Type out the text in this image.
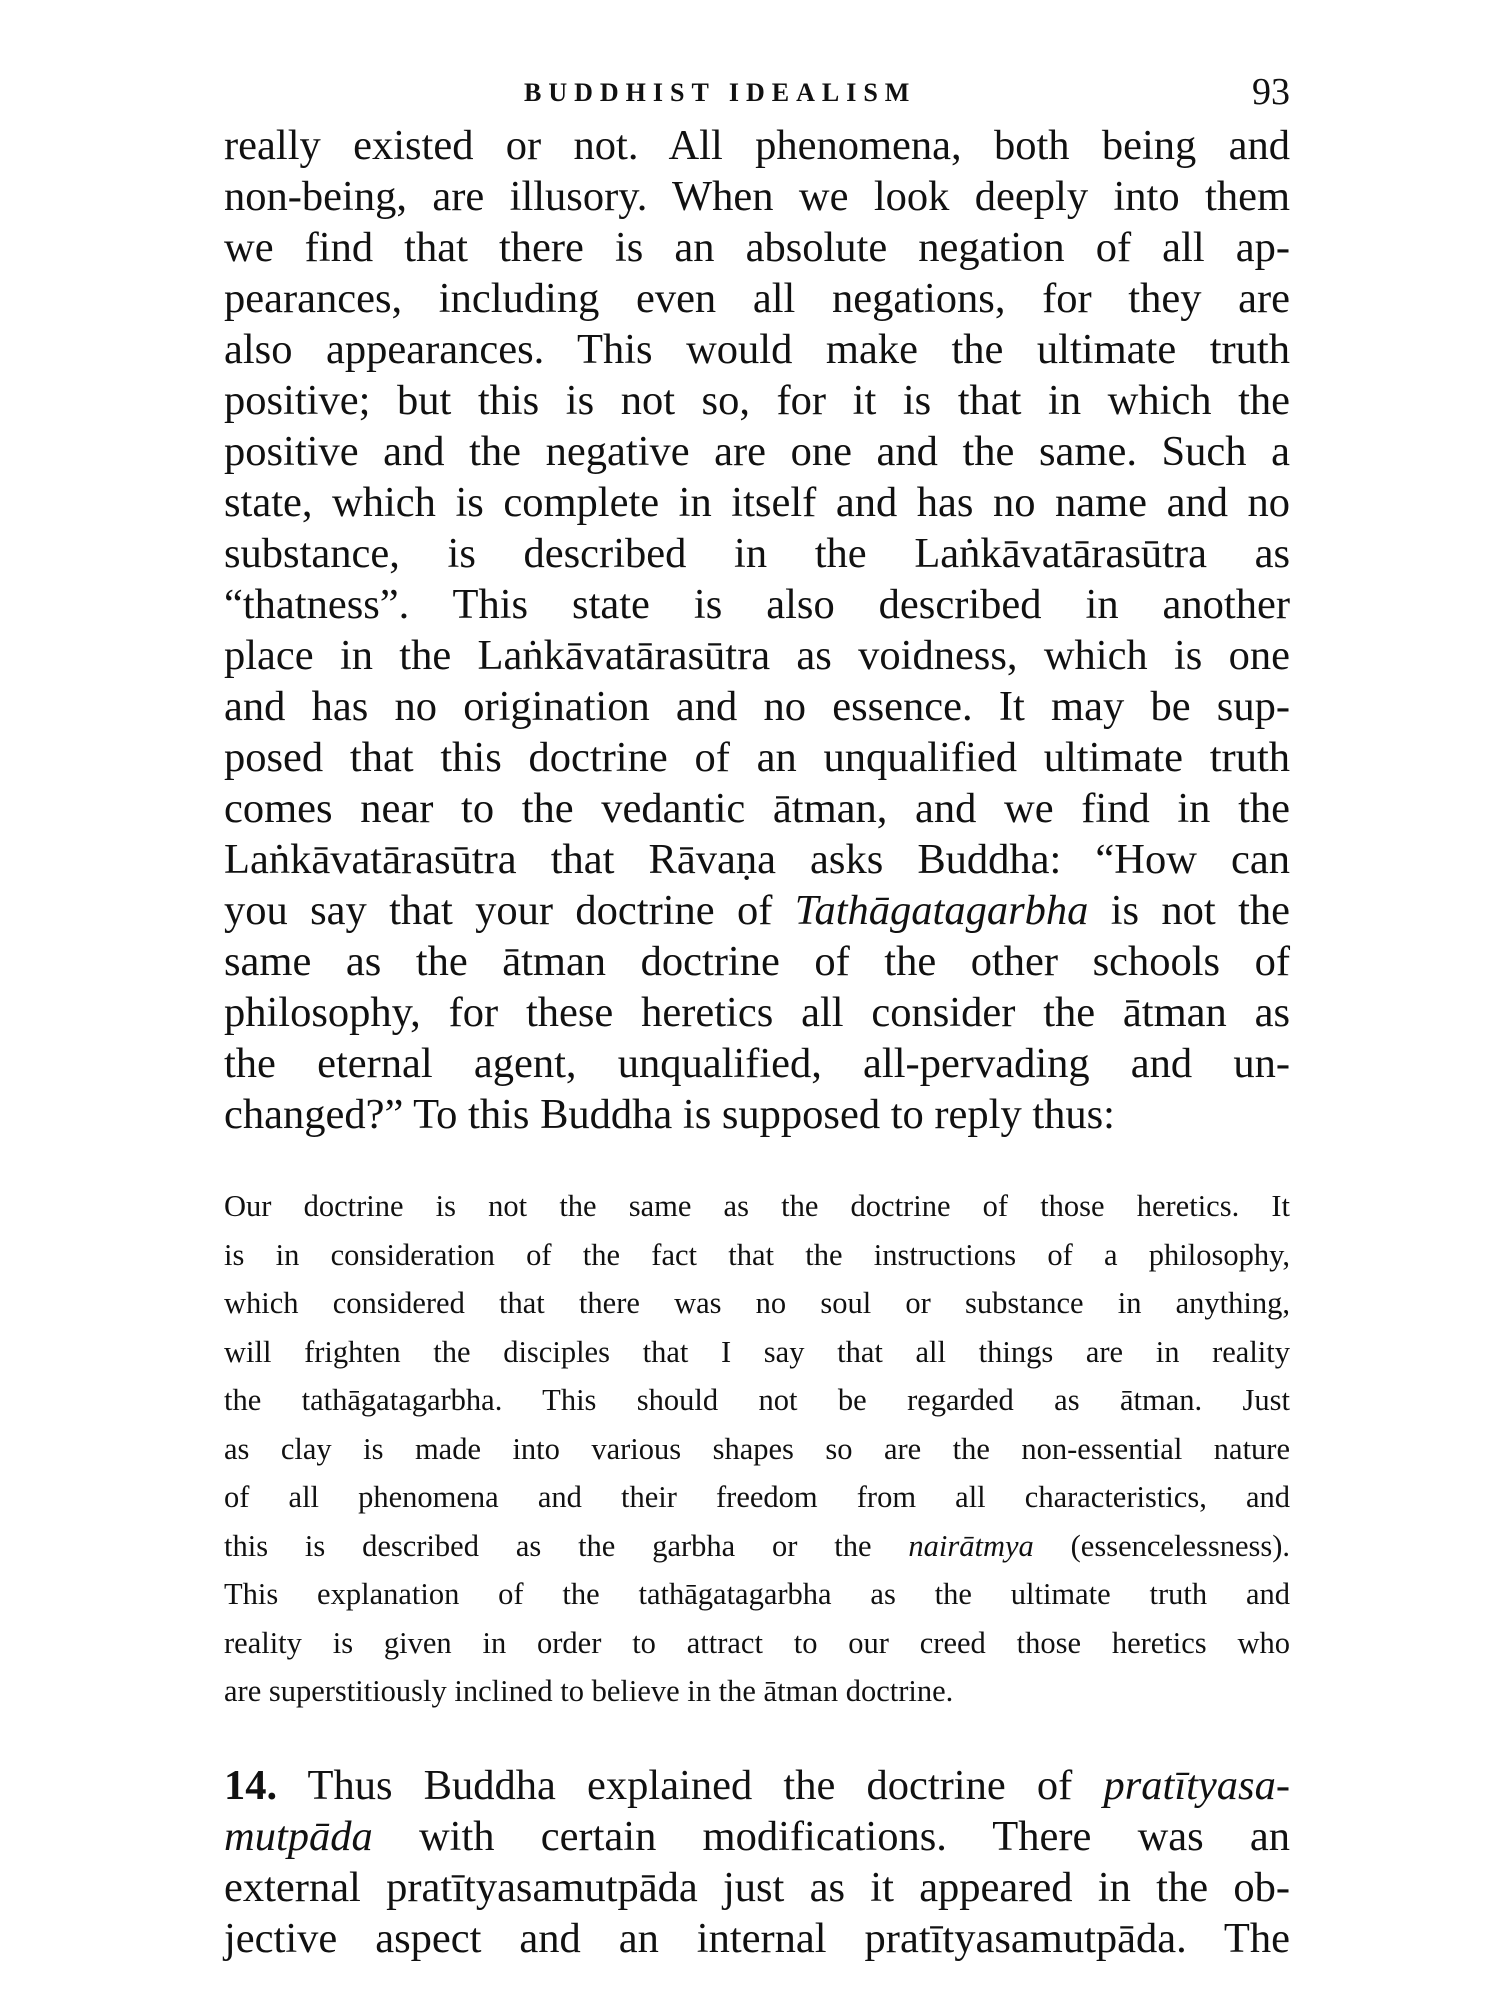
BUDDHIST IDEALISM	93

really existed or not. All phenomena, both being and
non-being, are illusory. When we look deeply into them
we find that there is an absolute negation of all ap-
pearances, including even all negations, for they are
also appearances. This would make the ultimate truth
positive; but this is not so, for it is that in which the
positive and the negative are one and the same. Such a
state, which is complete in itself and has no name and no
substance, is described in the Laṅkāvatārasūtra as
“thatness”. This state is also described in another
place in the Laṅkāvatārasūtra as voidness, which is one
and has no origination and no essence. It may be sup-
posed that this doctrine of an unqualified ultimate truth
comes near to the vedantic ātman, and we find in the
Laṅkāvatārasūtra that Rāvaṇa asks Buddha: “How can
you say that your doctrine of Tathāgatagarbha is not the
same as the ātman doctrine of the other schools of
philosophy, for these heretics all consider the ātman as
the eternal agent, unqualified, all-pervading and un-
changed?” To this Buddha is supposed to reply thus:

Our doctrine is not the same as the doctrine of those heretics. It
is in consideration of the fact that the instructions of a philosophy,
which considered that there was no soul or substance in anything,
will frighten the disciples that I say that all things are in reality
the tathāgatagarbha. This should not be regarded as ātman. Just
as clay is made into various shapes so are the non-essential nature
of all phenomena and their freedom from all characteristics, and
this is described as the garbha or the nairātmya (essencelessness).
This explanation of the tathāgatagarbha as the ultimate truth and
reality is given in order to attract to our creed those heretics who
are superstitiously inclined to believe in the ātman doctrine.

14. Thus Buddha explained the doctrine of pratītyasa-
mutpāda with certain modifications. There was an
external pratītyasamutpāda just as it appeared in the ob-
jective aspect and an internal pratītyasamutpāda. The
